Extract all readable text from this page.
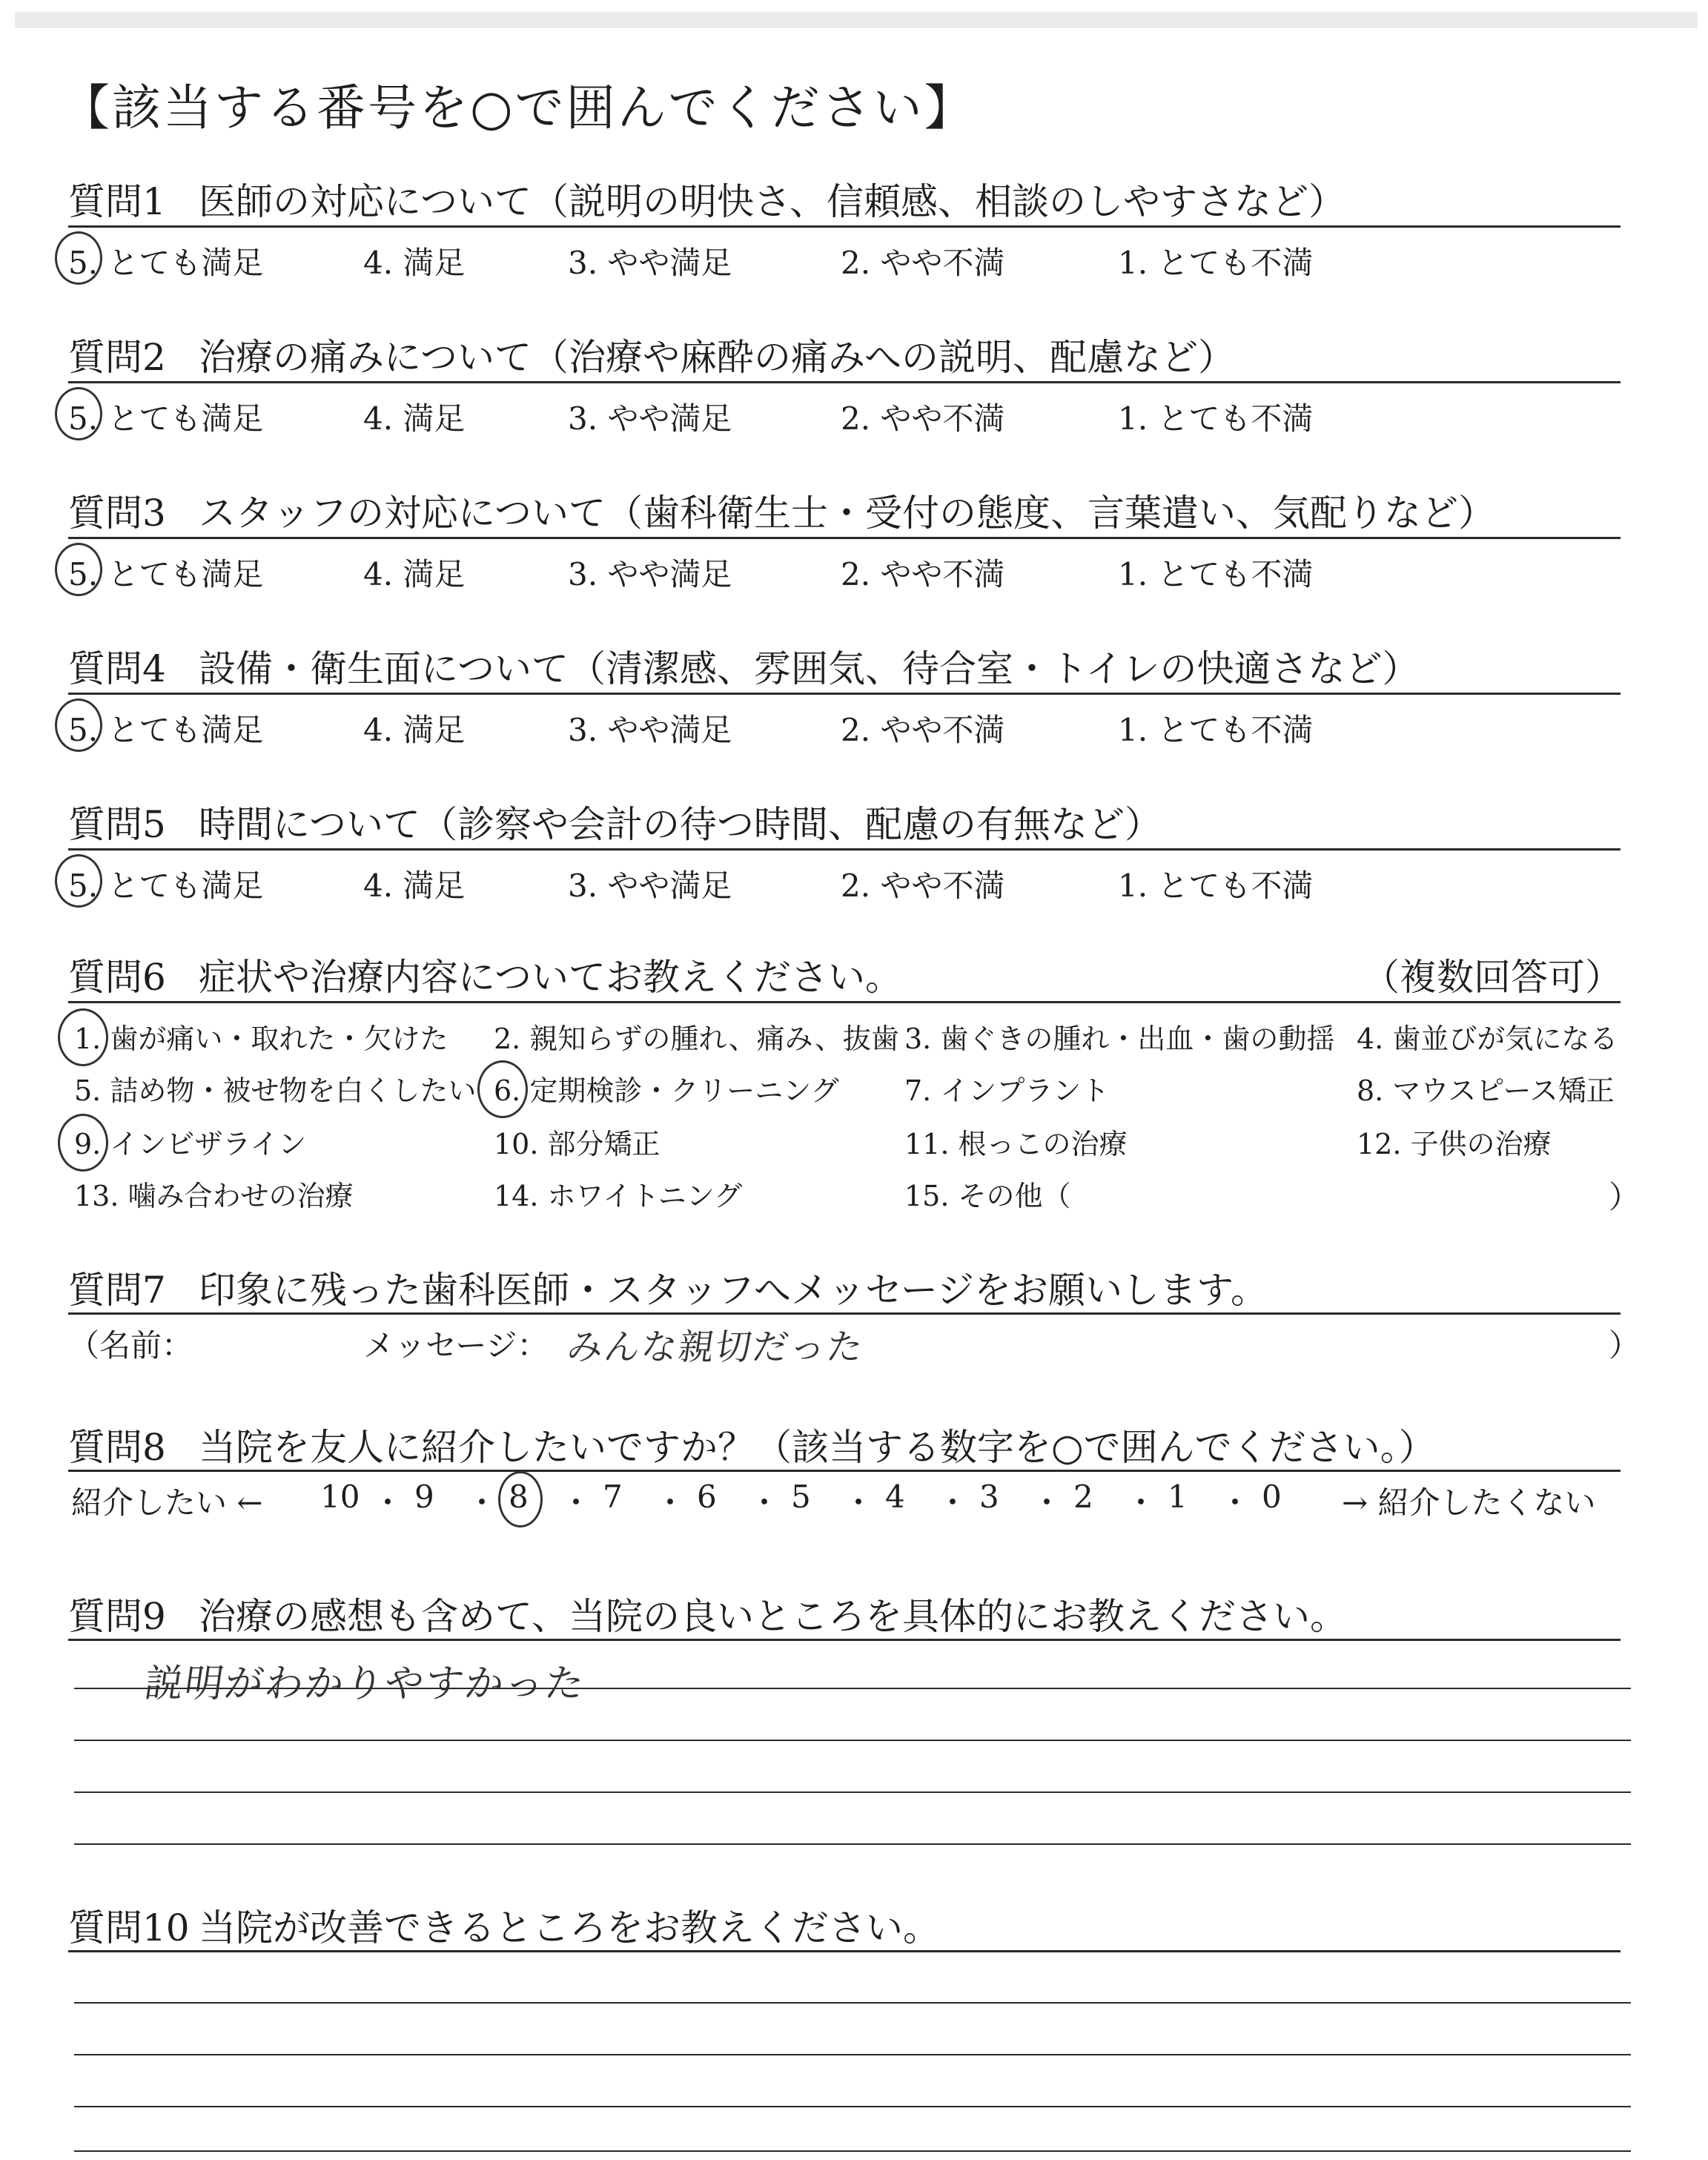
【該当する番号を○で囲んでください】
質問1 医師の対応について（説明の明快さ、信頼感、相談のしやすさなど）
5. とても満足	4. 満足	3. やや満足	2. やや不満	1. とても不満
質問2 治療の痛みについて（治療や麻酔の痛みへの説明、配慮など）
5. とても満足	4. 満足	3. やや満足	2. やや不満	1. とても不満
質問3 スタッフの対応について（歯科衛生士・受付の態度、言葉遣い、気配りなど）
5. とても満足	4. 満足	3. やや満足	2. やや不満	1. とても不満
質問4 設備・衛生面について（清潔感、雰囲気、待合室・トイレの快適さなど）
5. とても満足	4. 満足	3. やや満足	2. やや不満	1. とても不満
質問5 時間について（診察や会計の待つ時間、配慮の有無など）
5. とても満足	4. 満足	3. やや満足	2. やや不満	1. とても不満
質問6 症状や治療内容についてお教えください。	（複数回答可）
1. 歯が痛い・取れた・欠けた 2. 親知らずの腫れ、痛み、抜歯 3. 歯ぐきの腫れ・出血・歯の動揺 4. 歯並びが気になる
5. 詰め物・被せ物を白くしたい 6. 定期検診・クリーニング 7. インプラント	8. マウスピース矯正
9. インビザライン	10. 部分矯正	11. 根っこの治療	12. 子供の治療
13. 噛み合わせの治療	14. ホワイトニング	15. その他（	）
質問7 印象に残った歯科医師・スタッフへメッセージをお願いします。
（名前：	メッセージ： みんな親切だった	）
質問8 当院を友人に紹介したいですか？（該当する数字を○で囲んでください。）
紹介したい ← 10 ・ 9 ・ 8 ・ 7 ・ 6 ・ 5 ・ 4 ・ 3 ・ 2 ・ 1 ・ 0 → 紹介したくない
質問9 治療の感想も含めて、当院の良いところを具体的にお教えください。
説明がわかりやすかった
質問10 当院が改善できるところをお教えください。
